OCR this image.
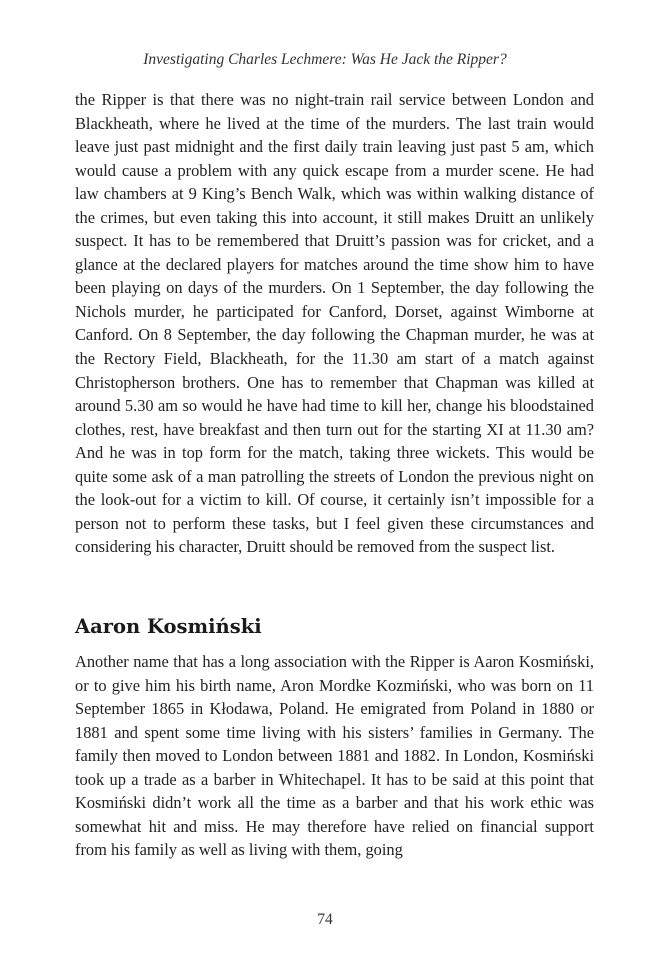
Investigating Charles Lechmere: Was He Jack the Ripper?

the Ripper is that there was no night-train rail service between London and Blackheath, where he lived at the time of the murders. The last train would leave just past midnight and the first daily train leaving just past 5 am, which would cause a problem with any quick escape from a murder scene. He had law chambers at 9 King’s Bench Walk, which was within walking distance of the crimes, but even taking this into account, it still makes Druitt an unlikely suspect. It has to be remembered that Druitt’s passion was for cricket, and a glance at the declared players for matches around the time show him to have been playing on days of the murders. On 1 September, the day following the Nichols murder, he participated for Canford, Dorset, against Wimborne at Canford. On 8 September, the day following the Chapman murder, he was at the Rectory Field, Blackheath, for the 11.30 am start of a match against Christopherson brothers. One has to remember that Chapman was killed at around 5.30 am so would he have had time to kill her, change his bloodstained clothes, rest, have breakfast and then turn out for the starting XI at 11.30 am? And he was in top form for the match, taking three wickets. This would be quite some ask of a man patrolling the streets of London the previous night on the look-out for a victim to kill. Of course, it certainly isn’t impossible for a person not to perform these tasks, but I feel given these circumstances and considering his character, Druitt should be removed from the suspect list.

Aaron Kosmiński

Another name that has a long association with the Ripper is Aaron Kosmiński, or to give him his birth name, Aron Mordke Kozmiński, who was born on 11 September 1865 in Kłodawa, Poland. He emigrated from Poland in 1880 or 1881 and spent some time living with his sisters’ families in Germany. The family then moved to London between 1881 and 1882. In London, Kosmiński took up a trade as a barber in Whitechapel. It has to be said at this point that Kosmiński didn’t work all the time as a barber and that his work ethic was somewhat hit and miss. He may therefore have relied on financial support from his family as well as living with them, going

74
